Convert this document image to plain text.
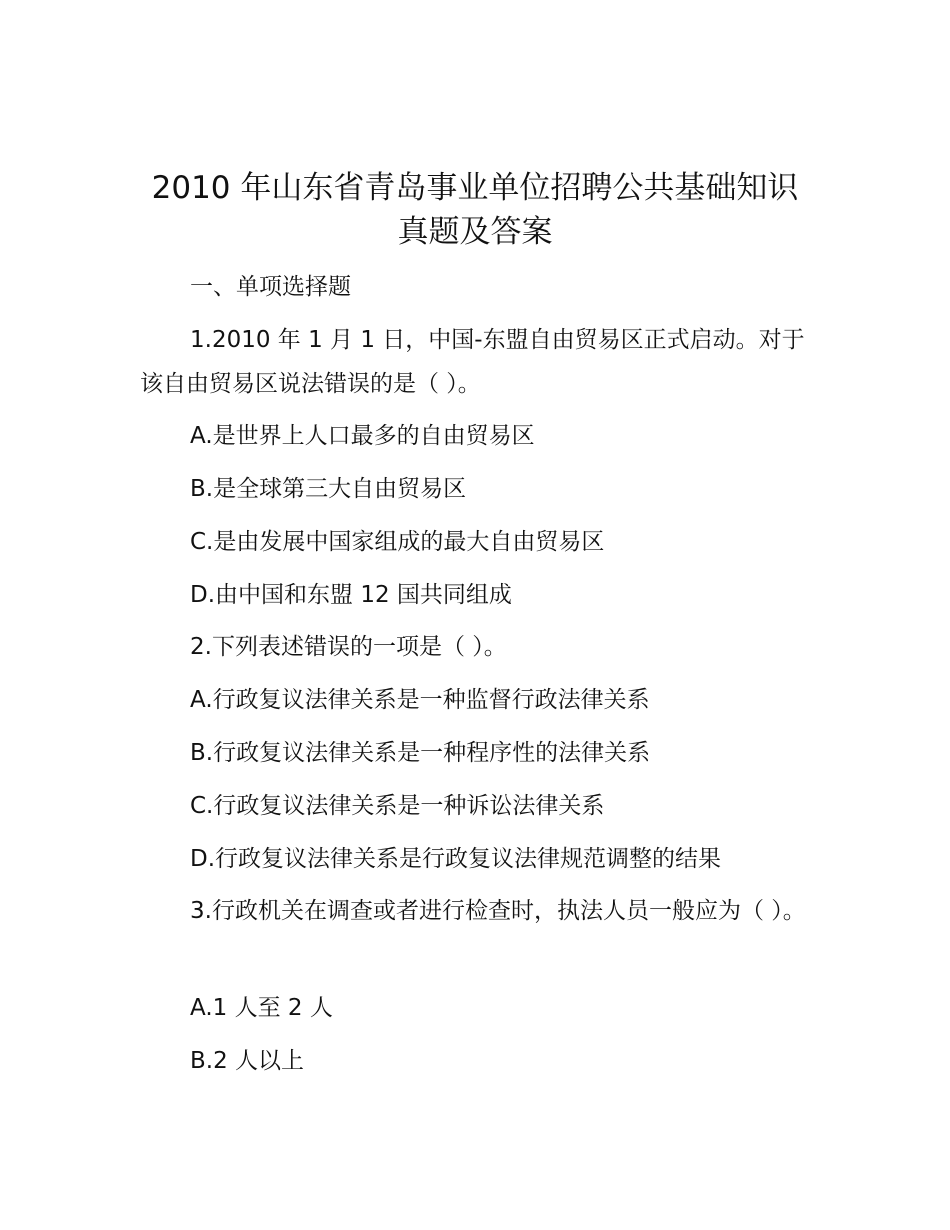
2010 年山东省青岛事业单位招聘公共基础知识真题及答案

一、单项选择题

1.2010 年 1 月 1 日，中国-东盟自由贸易区正式启动。对于该自由贸易区说法错误的是（ ）。

A.是世界上人口最多的自由贸易区

B.是全球第三大自由贸易区

C.是由发展中国家组成的最大自由贸易区

D.由中国和东盟 12 国共同组成

2.下列表述错误的一项是（ ）。

A.行政复议法律关系是一种监督行政法律关系

B.行政复议法律关系是一种程序性的法律关系

C.行政复议法律关系是一种诉讼法律关系

D.行政复议法律关系是行政复议法律规范调整的结果

3.行政机关在调查或者进行检查时，执法人员一般应为（ ）。

A.1 人至 2 人

B.2 人以上
